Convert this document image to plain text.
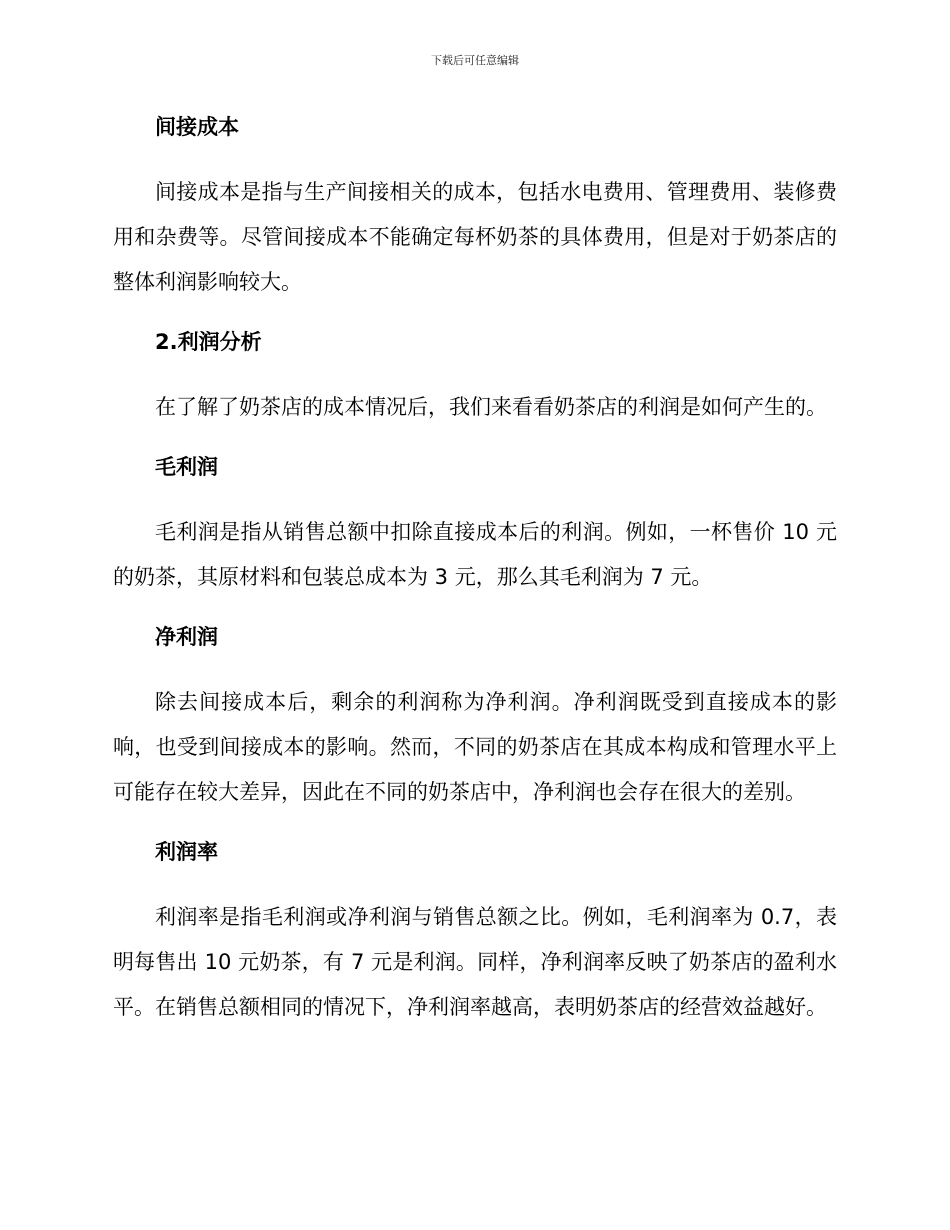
下载后可任意编辑
间接成本

间接成本是指与生产间接相关的成本，包括水电费用、管理费用、装修费用和杂费等。尽管间接成本不能确定每杯奶茶的具体费用，但是对于奶茶店的整体利润影响较大。

2.利润分析

在了解了奶茶店的成本情况后，我们来看看奶茶店的利润是如何产生的。

毛利润

毛利润是指从销售总额中扣除直接成本后的利润。例如，一杯售价 10 元的奶茶，其原材料和包装总成本为 3 元，那么其毛利润为 7 元。

净利润

除去间接成本后，剩余的利润称为净利润。净利润既受到直接成本的影响，也受到间接成本的影响。然而，不同的奶茶店在其成本构成和管理水平上可能存在较大差异，因此在不同的奶茶店中，净利润也会存在很大的差别。

利润率

利润率是指毛利润或净利润与销售总额之比。例如，毛利润率为 0.7，表明每售出 10 元奶茶，有 7 元是利润。同样，净利润率反映了奶茶店的盈利水平。在销售总额相同的情况下，净利润率越高，表明奶茶店的经营效益越好。
